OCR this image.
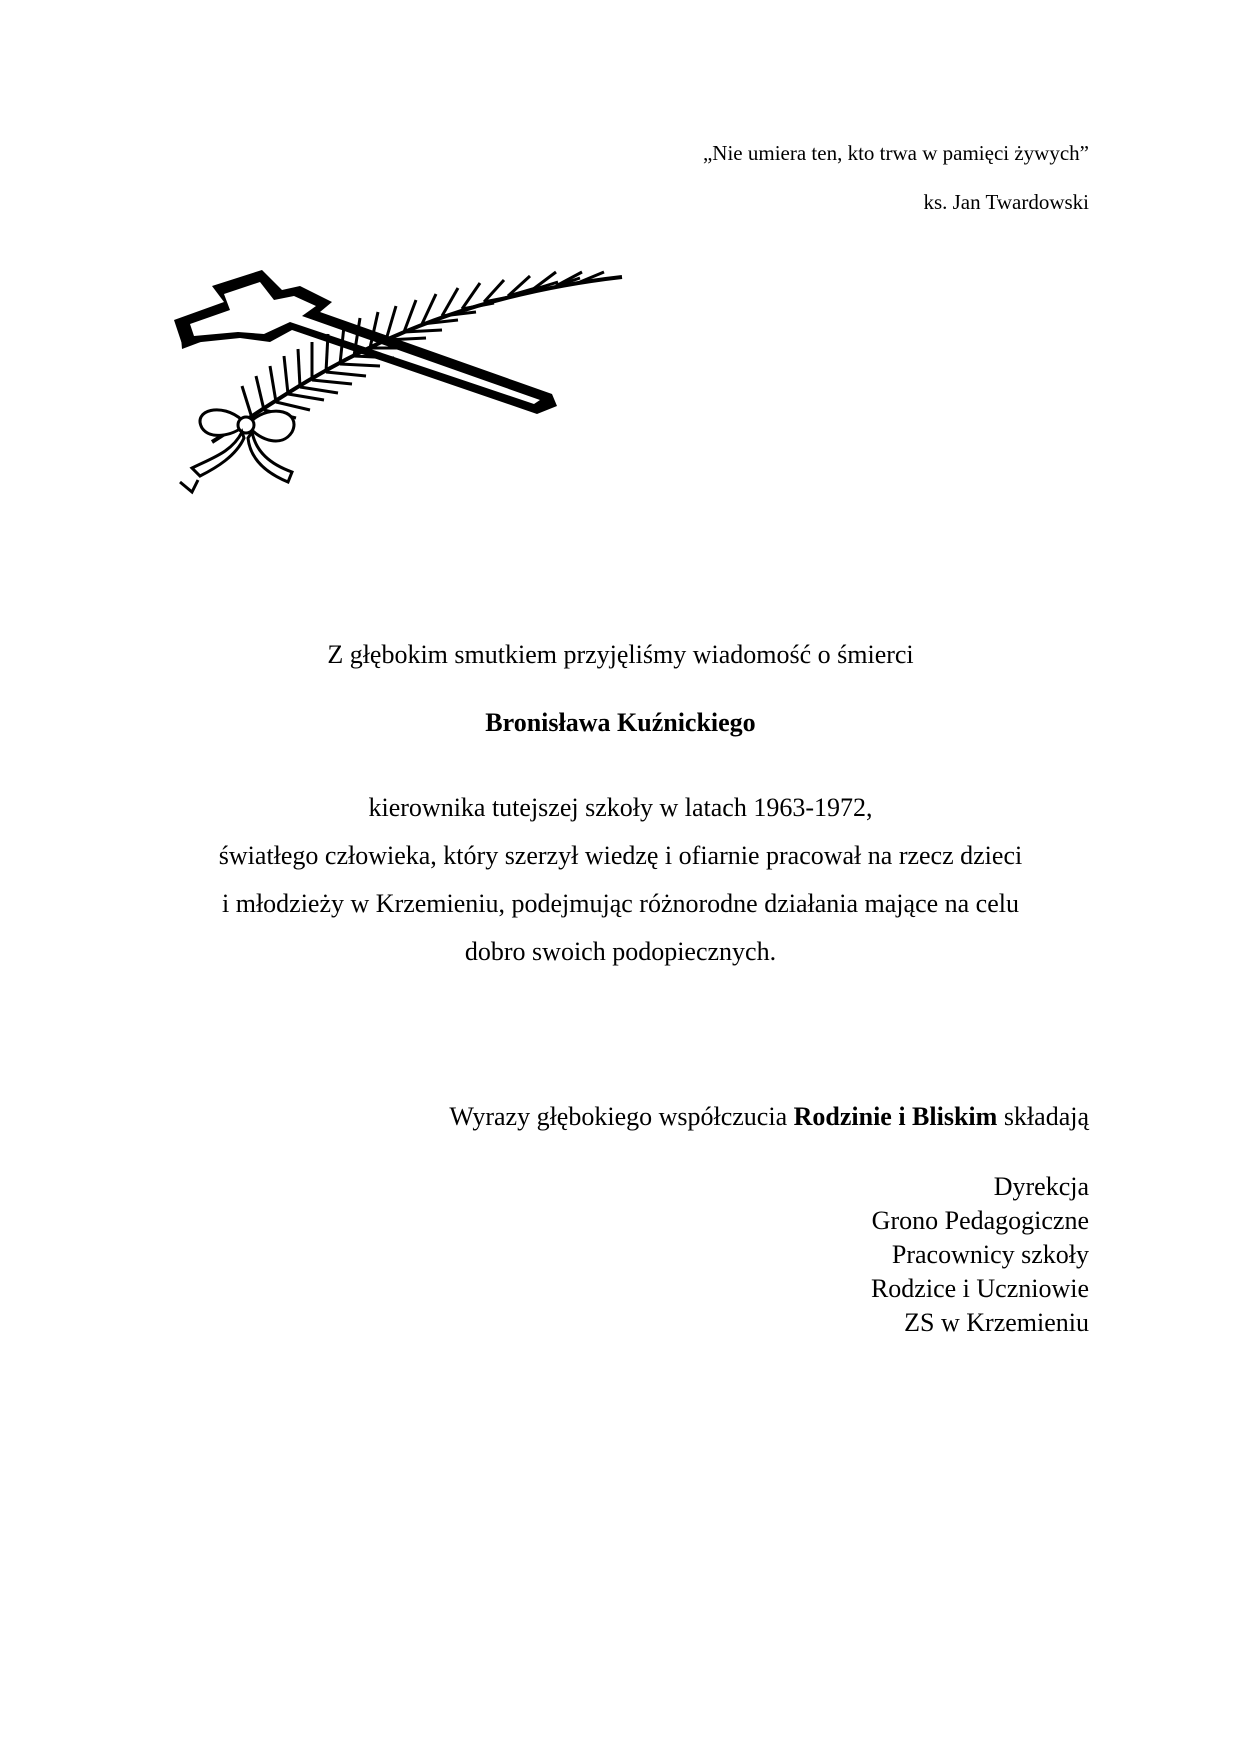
„Nie umiera ten, kto trwa w pamięci żywych”
ks. Jan Twardowski
Z głębokim smutkiem przyjęliśmy wiadomość o śmierci
Bronisława Kuźnickiego
kierownika tutejszej szkoły w latach 1963-1972,
światłego człowieka, który szerzył wiedzę i ofiarnie pracował na rzecz dzieci
i młodzieży w Krzemieniu, podejmując różnorodne działania mające na celu
dobro swoich podopiecznych.
Wyrazy głębokiego współczucia Rodzinie i Bliskim składają
Dyrekcja
Grono Pedagogiczne
Pracownicy szkoły
Rodzice i Uczniowie
ZS w Krzemieniu
